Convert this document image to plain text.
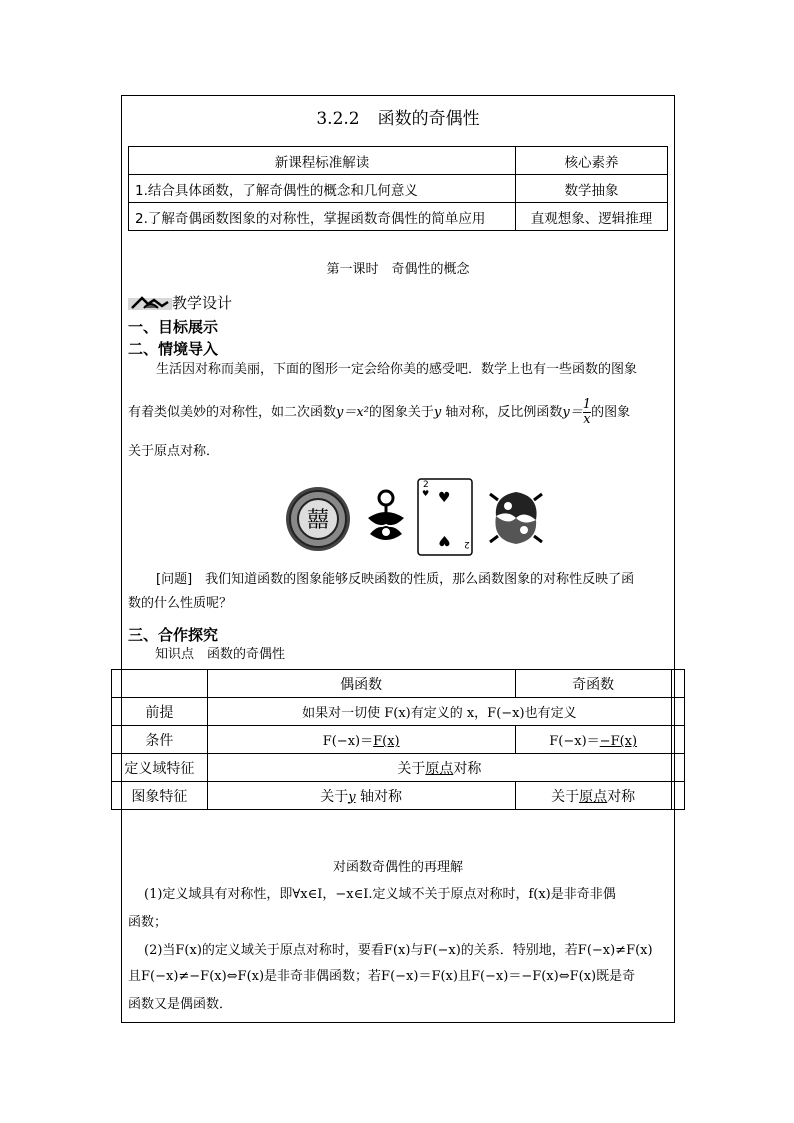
3.2.2 函数的奇偶性
新课程标准解读	核心素养
1.结合具体函数，了解奇偶性的概念和几何意义	数学抽象
2.了解奇偶函数图象的对称性，掌握函数奇偶性的简单应用	直观想象、逻辑推理
第一课时　奇偶性的概念
教学设计
一、目标展示
二、情境导入
生活因对称而美丽，下面的图形一定会给你美的感受吧．数学上也有一些函数的图象
有着类似美妙的对称性，如二次函数y＝x²的图象关于y 轴对称，反比例函数$y= \frac{1}{x}$ 的图象
关于原点对称．
囍
2
♥ ♥
♥ 2
[问题]　 我们知道函数的图象能够反映函数的性质，那么函数图象的对称性反映了函
数的什么性质呢？
三、合作探究
知识点　函数的奇偶性
	偶函数	奇函数	
前提	如果对一切使 F(x)有定义的 x，F(−x)也有定义		
条件	F(−x)＝F(x)	F(−x)＝−F(x)	
定义域特征	关于原点对称		
图象特征	关于y 轴对称	关于原点对称	
对函数奇偶性的再理解
(1)定义域具有对称性，即∀x∈I，−x∈I.定义域不关于原点对称时，f(x)是非奇非偶
函数；
(2)当F(x)的定义域关于原点对称时，要看F(x)与F(−x)的关系．特别地，若F(−x)≠F(x)
且F(−x)≠−F(x)⇔F(x)是非奇非偶函数；若F(−x)＝F(x)且F(−x)＝−F(x)⇔F(x)既是奇
函数又是偶函数．
